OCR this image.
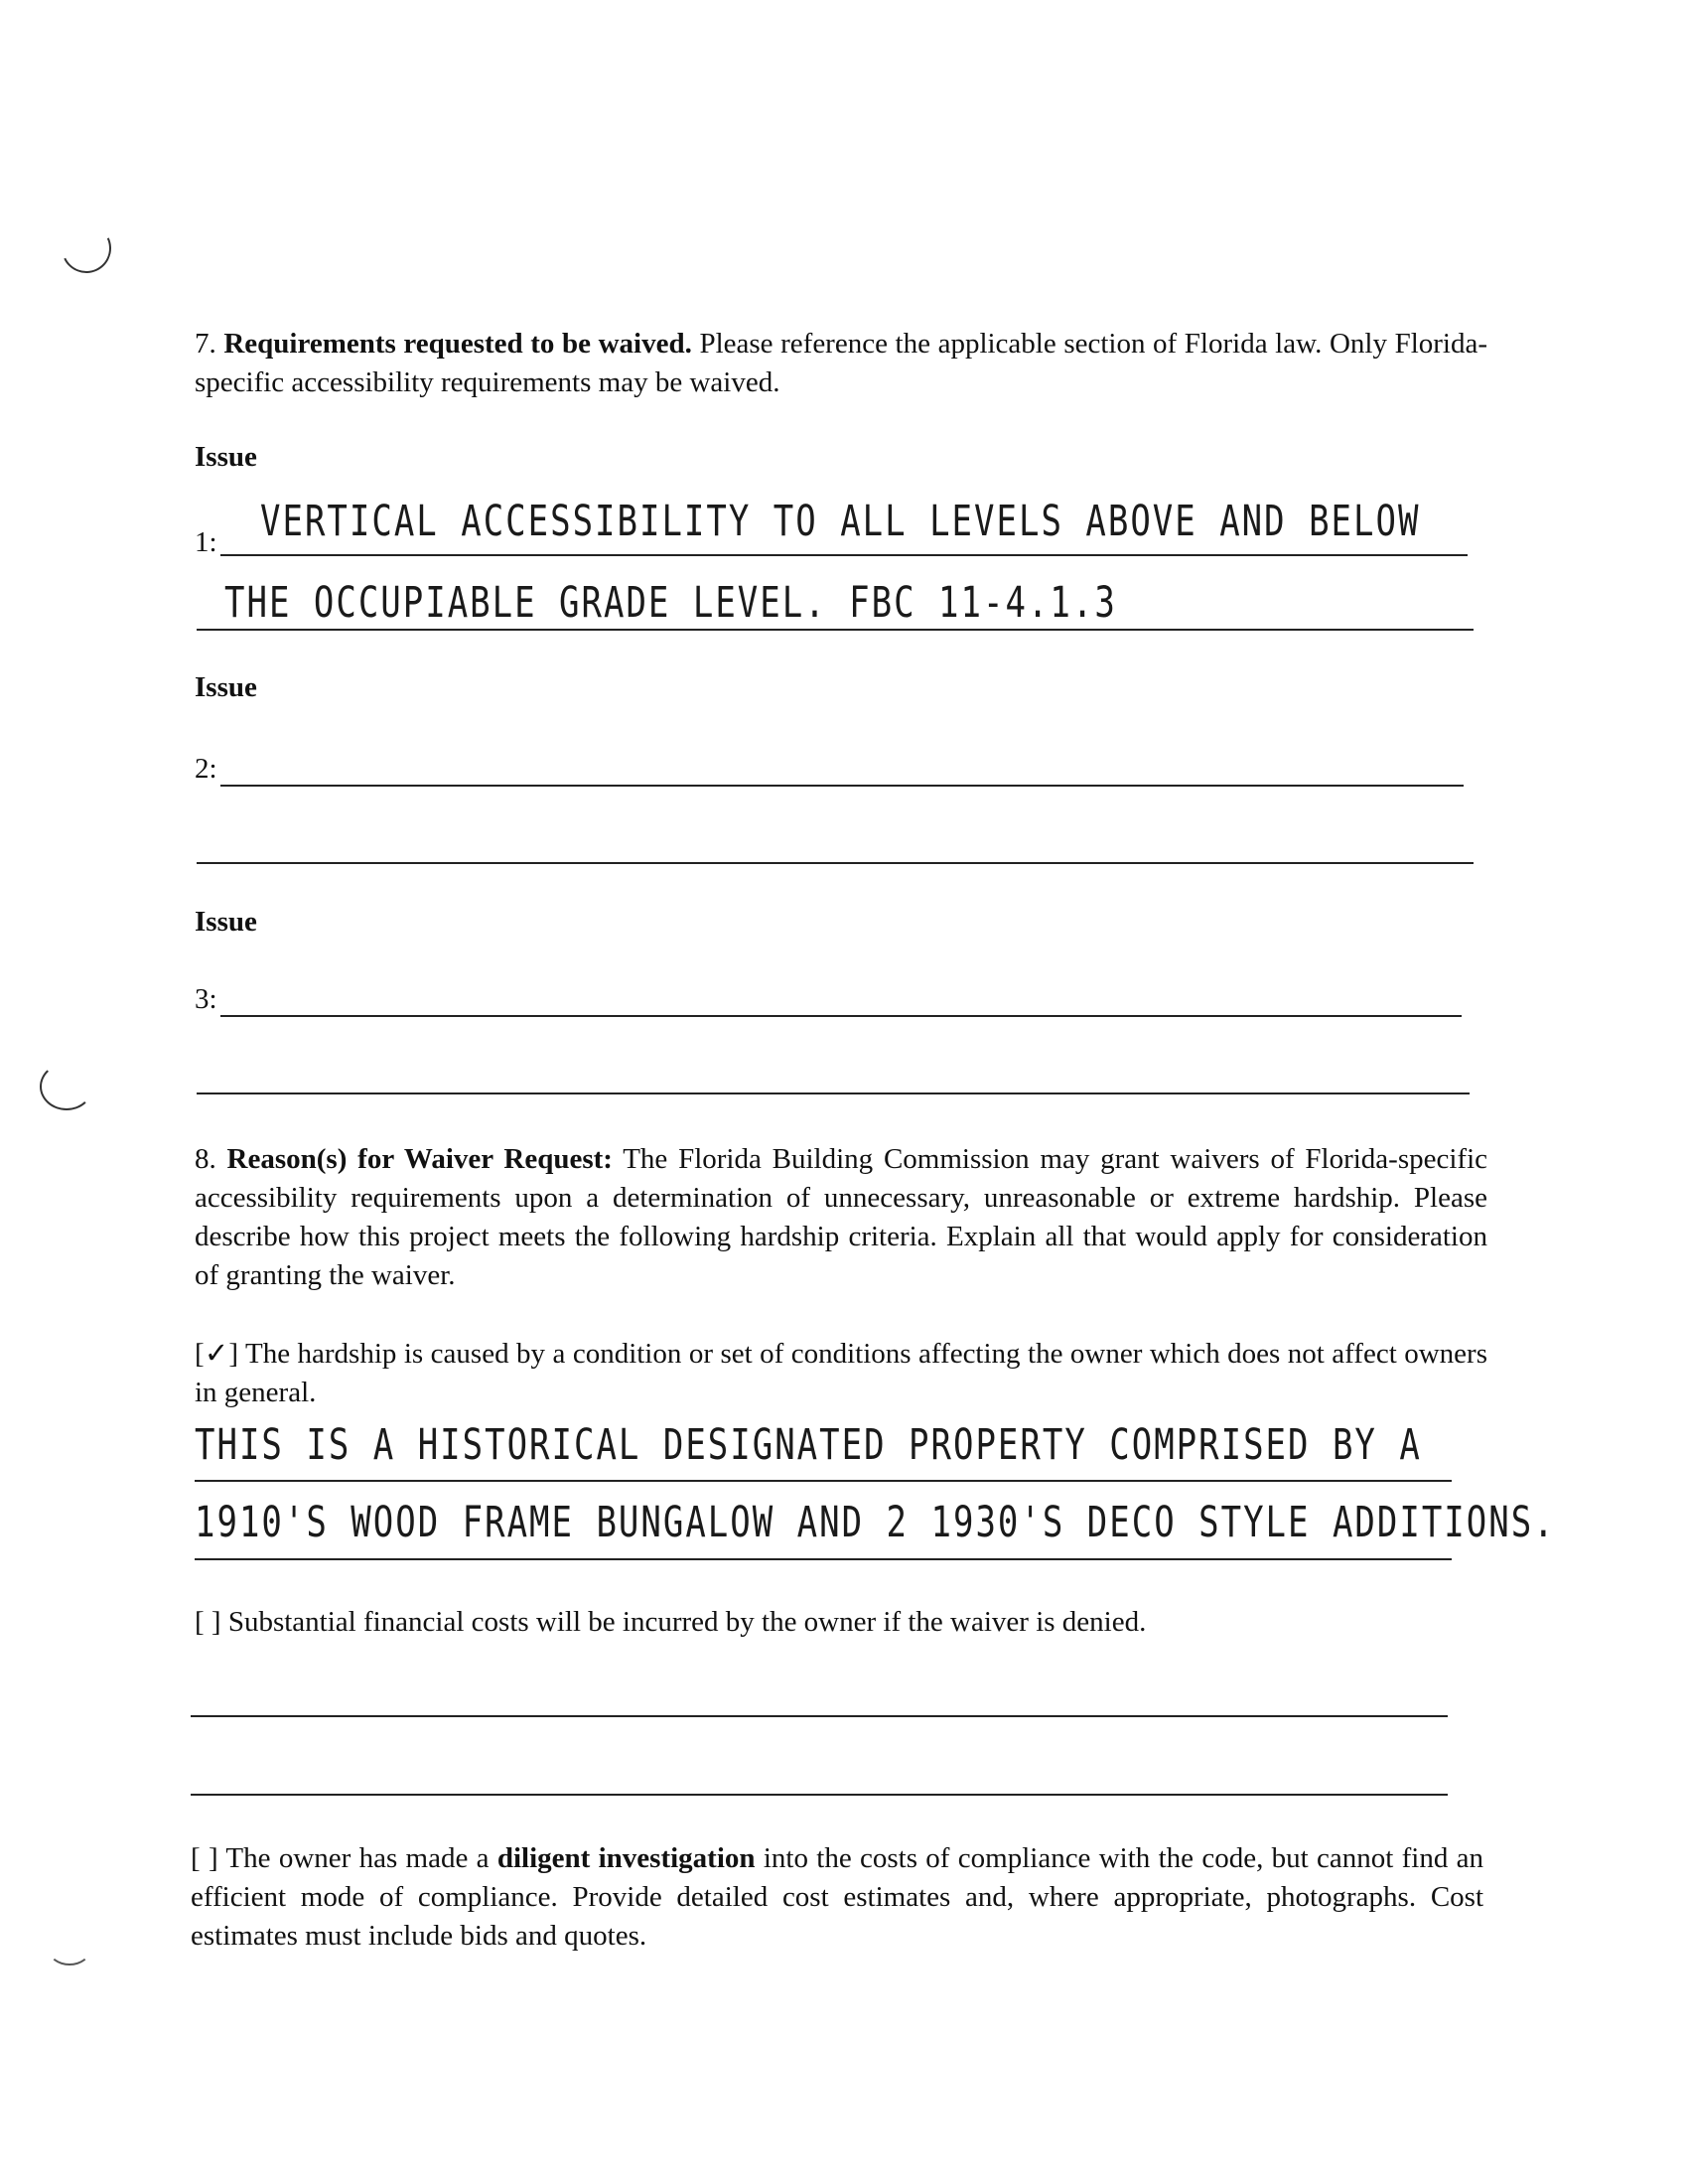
7. Requirements requested to be waived. Please reference the applicable section of Florida law. Only Florida-specific accessibility requirements may be waived.
Issue
1: VERTICAL ACCESSIBILITY TO ALL LEVELS ABOVE AND BELOW
THE OCCUPIABLE GRADE LEVEL. FBC 11-4.1.3
Issue
2:
Issue
3:
8. Reason(s) for Waiver Request: The Florida Building Commission may grant waivers of Florida-specific accessibility requirements upon a determination of unnecessary, unreasonable or extreme hardship. Please describe how this project meets the following hardship criteria. Explain all that would apply for consideration of granting the waiver.
[✓] The hardship is caused by a condition or set of conditions affecting the owner which does not affect owners in general.
THIS IS A HISTORICAL DESIGNATED PROPERTY COMPRISED BY A
1910'S WOOD FRAME BUNGALOW AND 2 1930'S DECO STYLE ADDITIONS.
[ ] Substantial financial costs will be incurred by the owner if the waiver is denied.
[ ] The owner has made a diligent investigation into the costs of compliance with the code, but cannot find an efficient mode of compliance. Provide detailed cost estimates and, where appropriate, photographs. Cost estimates must include bids and quotes.
